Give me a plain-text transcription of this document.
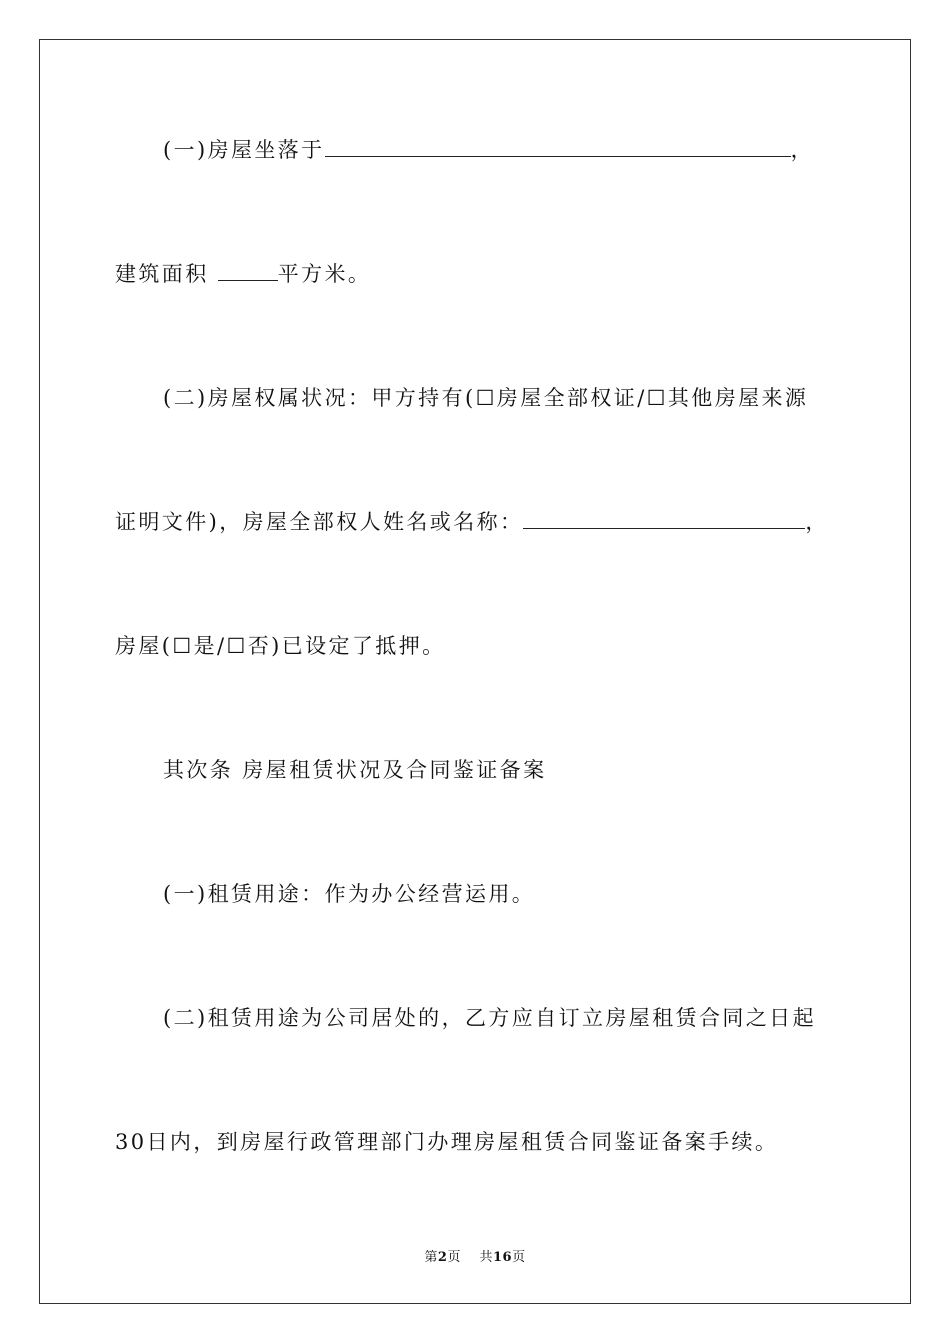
(一)房屋坐落于	，
建筑面积	平方米。
(二)房屋权属状况：甲方持有(☐房屋全部权证/☐其他房屋来源
证明文件)，房屋全部权人姓名或名称：	，
房屋(☐是/☐否)已设定了抵押。
其次条 房屋租赁状况及合同鉴证备案
(一)租赁用途：作为办公经营运用。
(二)租赁用途为公司居处的，乙方应自订立房屋租赁合同之日起
30日内，到房屋行政管理部门办理房屋租赁合同鉴证备案手续。
第2页 共16页
